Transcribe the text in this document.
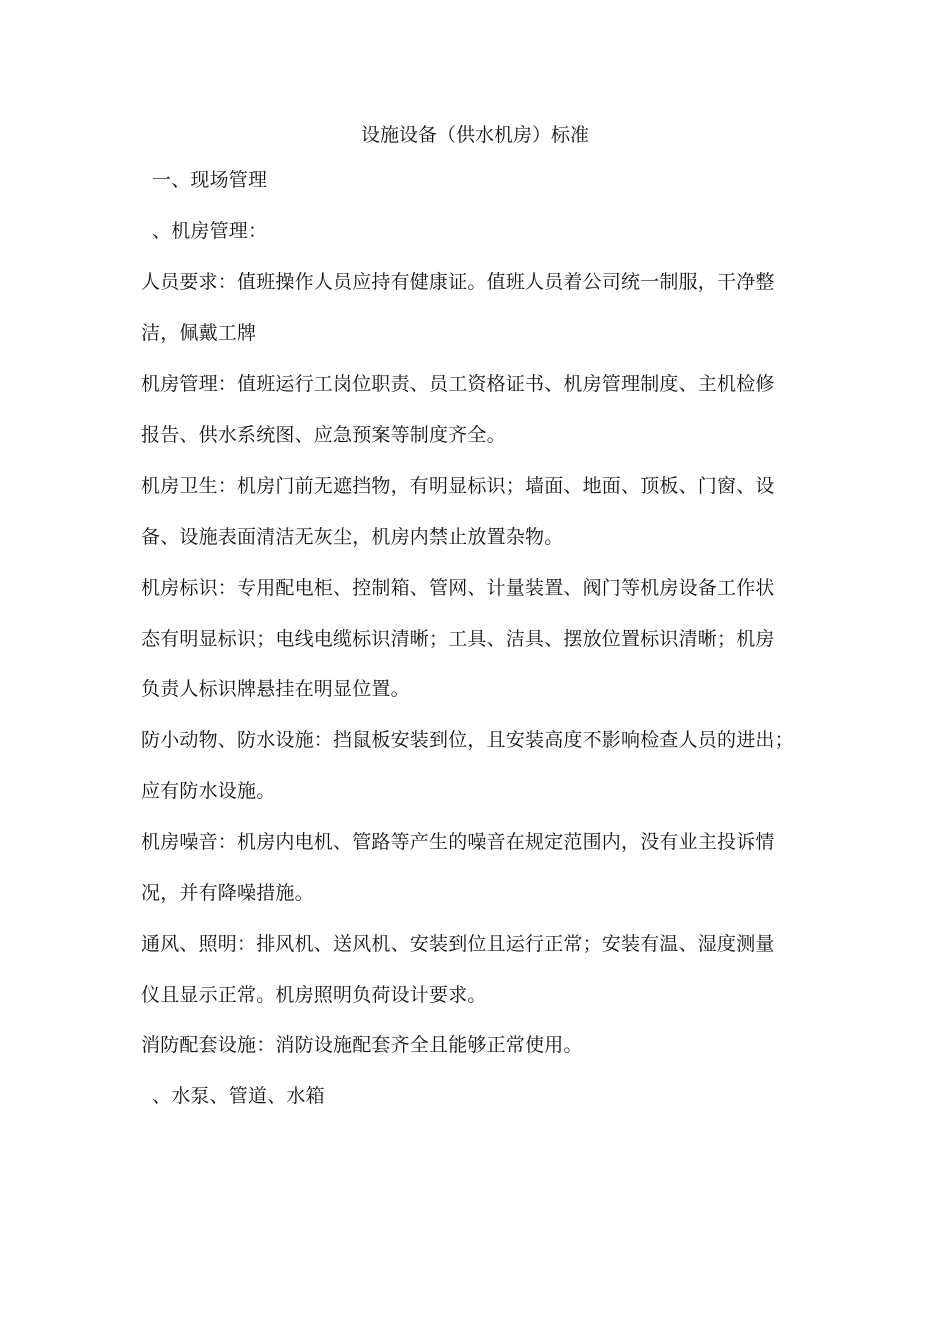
设施设备（供水机房）标准
一、现场管理
、机房管理：
人员要求：值班操作人员应持有健康证。值班人员着公司统一制服，干净整
洁，佩戴工牌
机房管理：值班运行工岗位职责、员工资格证书、机房管理制度、主机检修
报告、供水系统图、应急预案等制度齐全。
机房卫生：机房门前无遮挡物，有明显标识；墙面、地面、顶板、门窗、设
备、设施表面清洁无灰尘，机房内禁止放置杂物。
机房标识：专用配电柜、控制箱、管网、计量装置、阀门等机房设备工作状
态有明显标识；电线电缆标识清晰；工具、洁具、摆放位置标识清晰；机房
负责人标识牌悬挂在明显位置。
防小动物、防水设施：挡鼠板安装到位，且安装高度不影响检查人员的进出；
应有防水设施。
机房噪音：机房内电机、管路等产生的噪音在规定范围内，没有业主投诉情
况，并有降噪措施。
通风、照明：排风机、送风机、安装到位且运行正常；安装有温、湿度测量
仪且显示正常。机房照明负荷设计要求。
消防配套设施：消防设施配套齐全且能够正常使用。
、水泵、管道、水箱
